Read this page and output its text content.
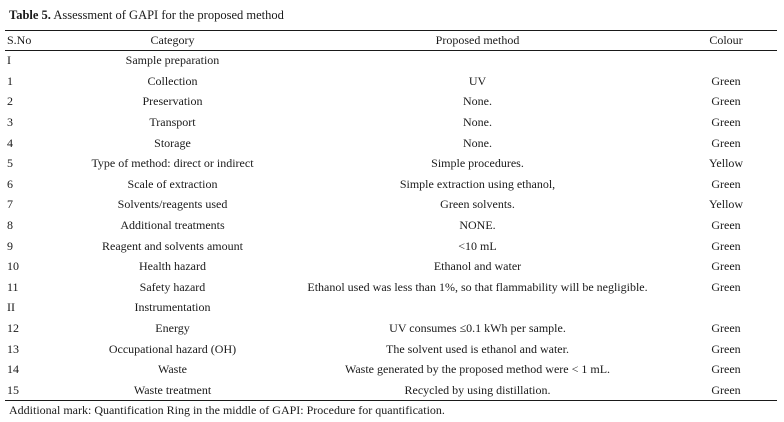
Table 5. Assessment of GAPI for the proposed method
S.No	Category	Proposed method	Colour
I	Sample preparation		
1	Collection	UV	Green
2	Preservation	None.	Green
3	Transport	None.	Green
4	Storage	None.	Green
5	Type of method: direct or indirect	Simple procedures.	Yellow
6	Scale of extraction	Simple extraction using ethanol,	Green
7	Solvents/reagents used	Green solvents.	Yellow
8	Additional treatments	NONE.	Green
9	Reagent and solvents amount	<10 mL	Green
10	Health hazard	Ethanol and water	Green
11	Safety hazard	Ethanol used was less than 1%, so that flammability will be negligible.	Green
II	Instrumentation		
12	Energy	UV consumes ≤0.1 kWh per sample.	Green
13	Occupational hazard (OH)	The solvent used is ethanol and water.	Green
14	Waste	Waste generated by the proposed method were < 1 mL.	Green
15	Waste treatment	Recycled by using distillation.	Green
Additional mark: Quantification Ring in the middle of GAPI: Procedure for quantification.
